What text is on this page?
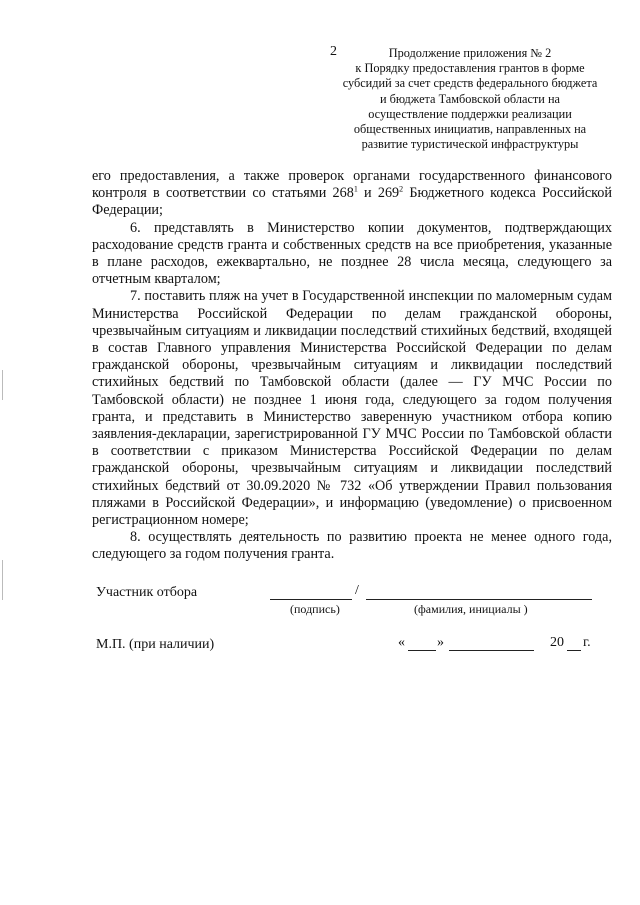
2	Продолжение приложения № 2
к Порядку предоставления грантов в форме
субсидий за счет средств федерального бюджета
и бюджета Тамбовской области на
осуществление поддержки реализации
общественных инициатив, направленных на
развитие туристической инфраструктуры

его предоставления, а также проверок органами государственного финансового контроля в соответствии со статьями $268^1$ и $269^2$ Бюджетного кодекса Российской Федерации;

6. представлять в Министерство копии документов, подтверждающих расходование средств гранта и собственных средств на все приобретения, указанные в плане расходов, ежеквартально, не позднее 28 числа месяца, следующего за отчетным кварталом;

7. поставить пляж на учет в Государственной инспекции по маломерным судам Министерства Российской Федерации по делам гражданской обороны, чрезвычайным ситуациям и ликвидации последствий стихийных бедствий, входящей в состав Главного управления Министерства Российской Федерации по делам гражданской обороны, чрезвычайным ситуациям и ликвидации последствий стихийных бедствий по Тамбовской области (далее — ГУ МЧС России по Тамбовской области) не позднее 1 июня года, следующего за годом получения гранта, и представить в Министерство заверенную участником отбора копию заявления-декларации, зарегистрированной ГУ МЧС России по Тамбовской области в соответствии с приказом Министерства Российской Федерации по делам гражданской обороны, чрезвычайным ситуациям и ликвидации последствий стихийных бедствий от 30.09.2020 № 732 «Об утверждении Правил пользования пляжами в Российской Федерации», и информацию (уведомление) о присвоенном регистрационном номере;

8. осуществлять деятельность по развитию проекта не менее одного года, следующего за годом получения гранта.

Участник отбора	/
(подпись)	(фамилия, инициалы )
М.П. (при наличии)	« »	20 г.
